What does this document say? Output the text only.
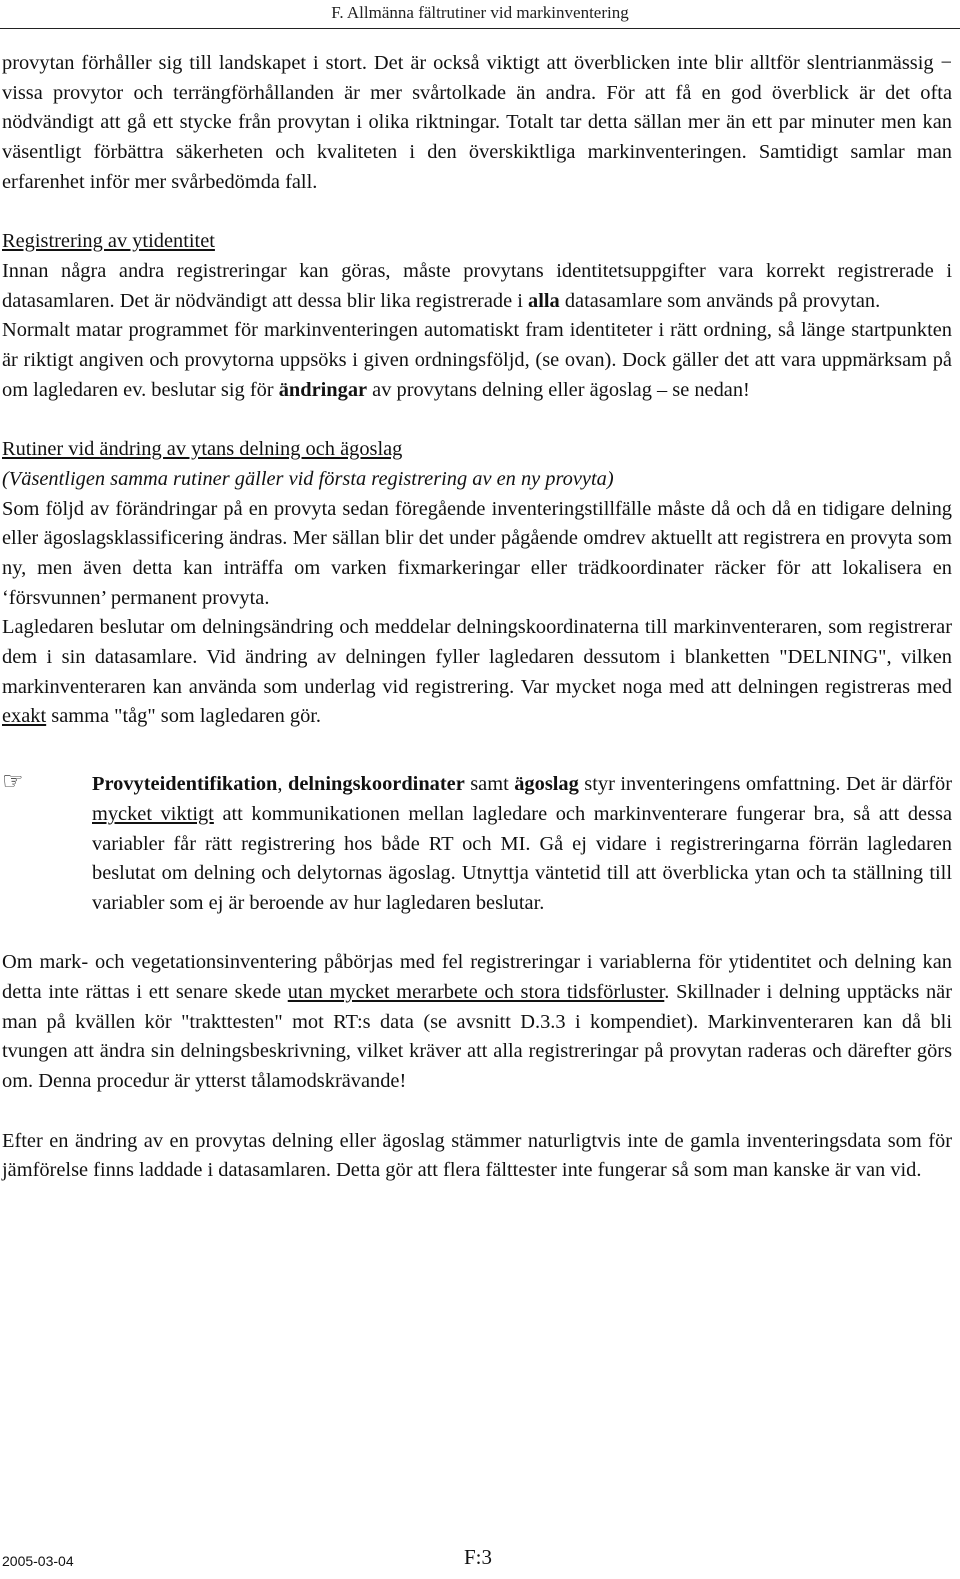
F. Allmänna fältrutiner vid markinventering

provytan förhåller sig till landskapet i stort. Det är också viktigt att överblicken inte blir alltför slentrianmässig − vissa provytor och terrängförhållanden är mer svårtolkade än andra. För att få en god överblick är det ofta nödvändigt att gå ett stycke från provytan i olika riktningar. Totalt tar detta sällan mer än ett par minuter men kan väsentligt förbättra säkerheten och kvaliteten i den överskiktliga markinventeringen. Samtidigt samlar man erfarenhet inför mer svårbedömda fall.

Registrering av ytidentitet

Innan några andra registreringar kan göras, måste provytans identitetsuppgifter vara korrekt registrerade i datasamlaren. Det är nödvändigt att dessa blir lika registrerade i alla datasamlare som används på provytan.

Normalt matar programmet för markinventeringen automatiskt fram identiteter i rätt ordning, så länge startpunkten är riktigt angiven och provytorna uppsöks i given ordningsföljd, (se ovan). Dock gäller det att vara uppmärksam på om lagledaren ev. beslutar sig för ändringar av provytans delning eller ägoslag – se nedan!

Rutiner vid ändring av ytans delning och ägoslag

(Väsentligen samma rutiner gäller vid första registrering av en ny provyta)

Som följd av förändringar på en provyta sedan föregående inventeringstillfälle måste då och då en tidigare delning eller ägoslagsklassificering ändras. Mer sällan blir det under pågående omdrev aktuellt att registrera en provyta som ny, men även detta kan inträffa om varken fixmarkeringar eller trädkoordinater räcker för att lokalisera en ‘försvunnen’ permanent provyta.

Lagledaren beslutar om delningsändring och meddelar delningskoordinaterna till markinventeraren, som registrerar dem i sin datasamlare. Vid ändring av delningen fyller lagledaren dessutom i blanketten "DELNING", vilken markinventeraren kan använda som underlag vid registrering. Var mycket noga med att delningen registreras med exakt samma "tåg" som lagledaren gör.

☞	Provyteidentifikation, delningskoordinater samt ägoslag styr inventeringens omfattning. Det är därför mycket viktigt att kommunikationen mellan lagledare och markinventerare fungerar bra, så att dessa variabler får rätt registrering hos både RT och MI. Gå ej vidare i registreringarna förrän lagledaren beslutat om delning och delytornas ägoslag. Utnyttja väntetid till att överblicka ytan och ta ställning till variabler som ej är beroende av hur lagledaren beslutar.

Om mark- och vegetationsinventering påbörjas med fel registreringar i variablerna för ytidentitet och delning kan detta inte rättas i ett senare skede utan mycket merarbete och stora tidsförluster. Skillnader i delning upptäcks när man på kvällen kör "trakttesten" mot RT:s data (se avsnitt D.3.3 i kompendiet). Markinventeraren kan då bli tvungen att ändra sin delningsbeskrivning, vilket kräver att alla registreringar på provytan raderas och därefter görs om. Denna procedur är ytterst tålamodskrävande!

Efter en ändring av en provytas delning eller ägoslag stämmer naturligtvis inte de gamla inventeringsdata som för jämförelse finns laddade i datasamlaren. Detta gör att flera fälttester inte fungerar så som man kanske är van vid.

2005-03-04	F:3
